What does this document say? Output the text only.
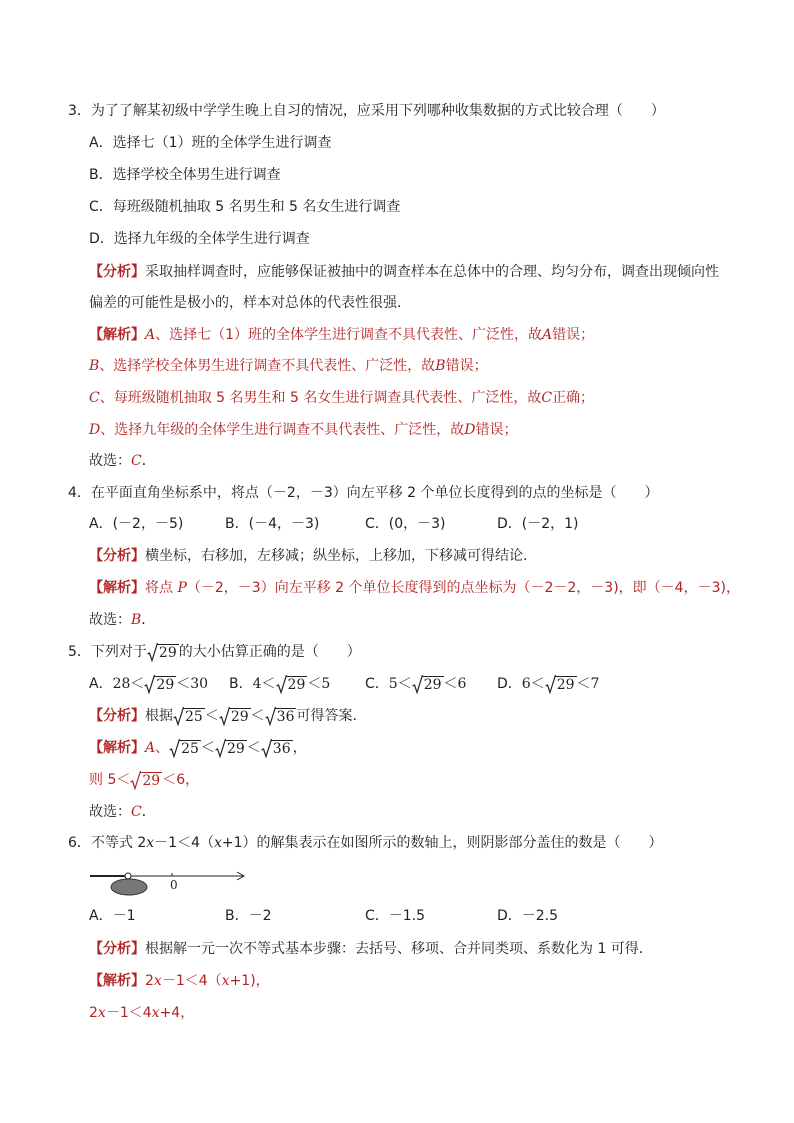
3．为了了解某初级中学学生晚上自习的情况，应采用下列哪种收集数据的方式比较合理（　　）
A．选择七（1）班的全体学生进行调查
B．选择学校全体男生进行调查
C．每班级随机抽取 5 名男生和 5 名女生进行调查
D．选择九年级的全体学生进行调查
【分析】采取抽样调查时，应能够保证被抽中的调查样本在总体中的合理、均匀分布，调查出现倾向性
偏差的可能性是极小的，样本对总体的代表性很强．
【解析】A、选择七（1）班的全体学生进行调查不具代表性、广泛性，故A错误；
B、选择学校全体男生进行调查不具代表性、广泛性，故B错误；
C、每班级随机抽取 5 名男生和 5 名女生进行调查具代表性、广泛性，故C正确；
D、选择九年级的全体学生进行调查不具代表性、广泛性，故D错误；
故选：C．
4．在平面直角坐标系中，将点（－2，－3）向左平移 2 个单位长度得到的点的坐标是（　　）
A．(－2，－5)	B．(－4，－3)	C．(0，－3)	D．(－2，1)
【分析】横坐标，右移加，左移减；纵坐标，上移加，下移减可得结论．
【解析】将点 P（－2，－3）向左平移 2 个单位长度得到的点坐标为（－2－2，－3)，即（－4，－3)，
故选：B．
5．下列对于 29 的大小估算正确的是（　　）
A．28＜ 29 ＜30 B．4＜ 29 ＜5 C．5＜ 29 ＜6 D．6＜ 29 ＜7
【分析】根据 25 ＜ 29 ＜ 36 可得答案．
【解析】A、 25 ＜ 29 ＜ 36 ，
则 5＜ 29 ＜6，
故选：C．
6．不等式 2x－1＜4（x+1）的解集表示在如图所示的数轴上，则阴影部分盖住的数是（　　）
0
A．－1	B．－2	C．－1.5	D．－2.5
【分析】根据解一元一次不等式基本步骤：去括号、移项、合并同类项、系数化为 1 可得．
【解析】2x－1＜4（x+1)，
2x－1＜4x+4，
